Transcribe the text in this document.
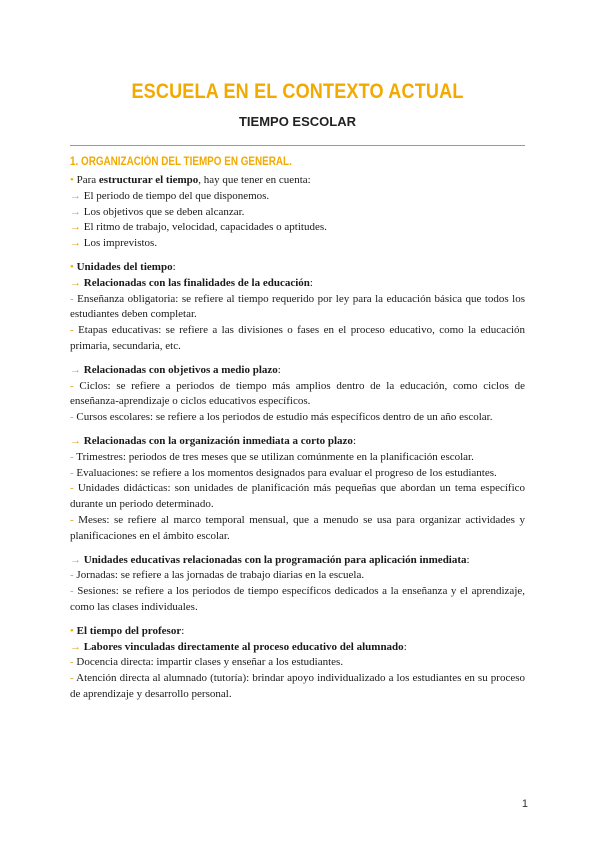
ESCUELA EN EL CONTEXTO ACTUAL
TIEMPO ESCOLAR
1. ORGANIZACIÓN DEL TIEMPO EN GENERAL.

• Para estructurar el tiempo, hay que tener en cuenta:

→ El periodo de tiempo del que disponemos.

→ Los objetivos que se deben alcanzar.

→ El ritmo de trabajo, velocidad, capacidades o aptitudes.

→ Los imprevistos.

• Unidades del tiempo:

→ Relacionadas con las finalidades de la educación:

- Enseñanza obligatoria: se refiere al tiempo requerido por ley para la educación básica que todos los estudiantes deben completar.

- Etapas educativas: se refiere a las divisiones o fases en el proceso educativo, como la educación primaria, secundaria, etc.

→ Relacionadas con objetivos a medio plazo:

- Ciclos: se refiere a periodos de tiempo más amplios dentro de la educación, como ciclos de enseñanza-aprendizaje o ciclos educativos específicos.

- Cursos escolares: se refiere a los periodos de estudio más específicos dentro de un año escolar.

→ Relacionadas con la organización inmediata a corto plazo:

- Trimestres: periodos de tres meses que se utilizan comúnmente en la planificación escolar.

- Evaluaciones: se refiere a los momentos designados para evaluar el progreso de los estudiantes.

- Unidades didácticas: son unidades de planificación más pequeñas que abordan un tema específico durante un periodo determinado.

- Meses: se refiere al marco temporal mensual, que a menudo se usa para organizar actividades y planificaciones en el ámbito escolar.

→ Unidades educativas relacionadas con la programación para aplicación inmediata:

- Jornadas: se refiere a las jornadas de trabajo diarias en la escuela.

- Sesiones: se refiere a los periodos de tiempo específicos dedicados a la enseñanza y el aprendizaje, como las clases individuales.

• El tiempo del profesor:

→ Labores vinculadas directamente al proceso educativo del alumnado:

- Docencia directa: impartir clases y enseñar a los estudiantes.

- Atención directa al alumnado (tutoría): brindar apoyo individualizado a los estudiantes en su proceso de aprendizaje y desarrollo personal.

1
